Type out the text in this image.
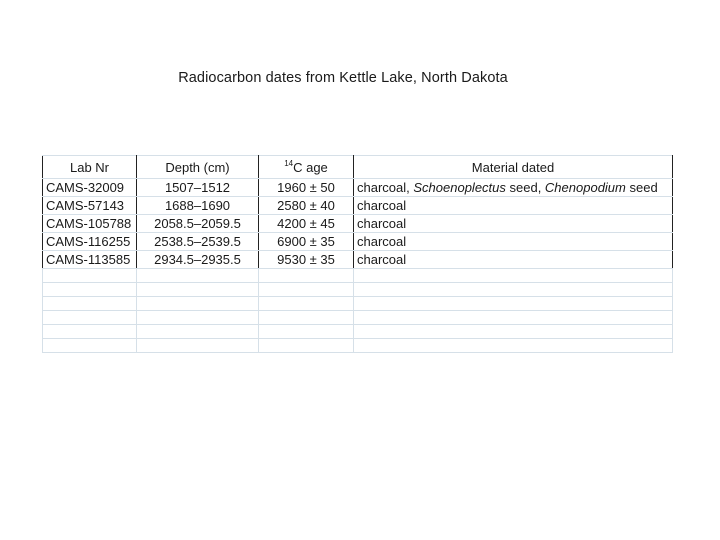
Radiocarbon dates from Kettle Lake, North Dakota
Lab Nr	Depth (cm)	$^{14}$C age	Material dated
CAMS-32009	1507–1512	1960 ± 50	charcoal, Schoenoplectus seed, Chenopodium seed
CAMS-57143	1688–1690	2580 ± 40	charcoal
CAMS-105788	2058.5–2059.5	4200 ± 45	charcoal
CAMS-116255	2538.5–2539.5	6900 ± 35	charcoal
CAMS-113585	2934.5–2935.5	9530 ± 35	charcoal
